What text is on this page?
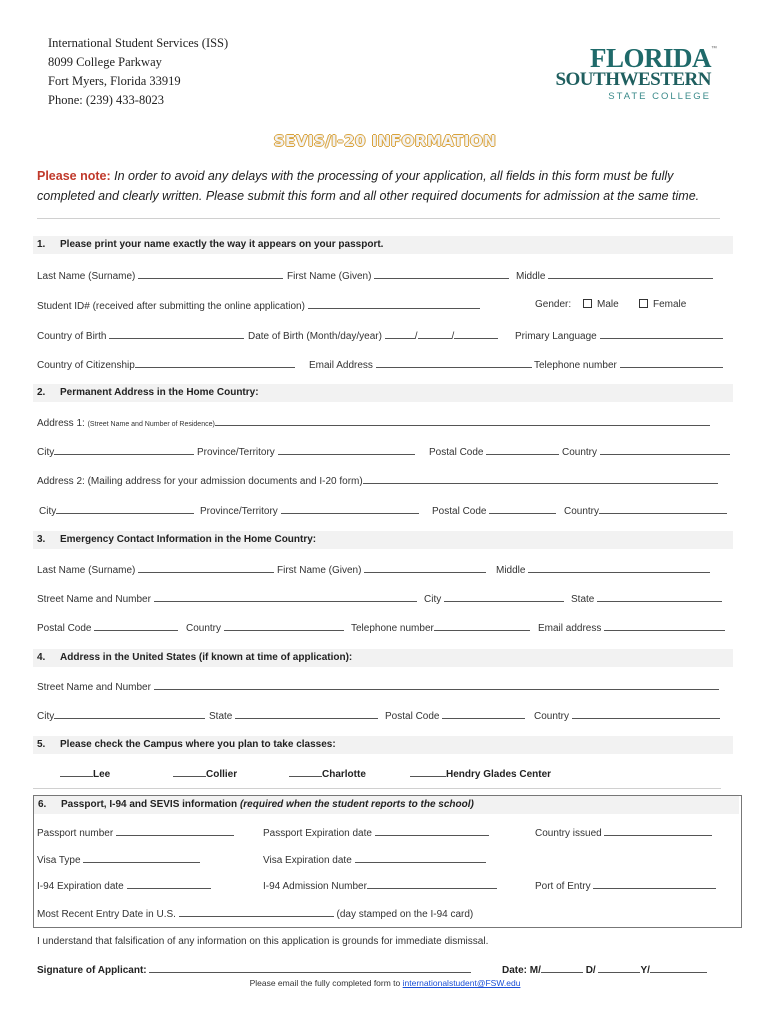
International Student Services (ISS)
8099 College Parkway
Fort Myers, Florida 33919
Phone: (239) 433-8023
FLORIDA ™
SOUTHWESTERN
STATE COLLEGE
SEVIS/I-20 INFORMATION
Please note: In order to avoid any delays with the processing of your application, all fields in this form must be fully completed and clearly written. Please submit this form and all other required documents for admission at the same time.
1. Please print your name exactly the way it appears on your passport.
Last Name (Surname)	First Name (Given)	Middle
Student ID# (received after submitting the online application)	Gender:	Male	Female
Country of Birth	Date of Birth (Month/day/year)	/	/	Primary Language
Country of Citizenship	Email Address	Telephone number
2. Permanent Address in the Home Country:
Address 1: (Street Name and Number of Residence)
City	Province/Territory	Postal Code	Country
Address 2: (Mailing address for your admission documents and I-20 form)
City	Province/Territory	Postal Code	Country
3. Emergency Contact Information in the Home Country:
Last Name (Surname)	First Name (Given)	Middle
Street Name and Number	City	State
Postal Code	Country	Telephone number	Email address
4. Address in the United States (if known at time of application):
Street Name and Number
City	State	Postal Code	Country
5. Please check the Campus where you plan to take classes:
Lee	Collier	Charlotte	Hendry Glades Center
6. Passport, I-94 and SEVIS information (required when the student reports to the school)
Passport number	Passport Expiration date	Country issued
Visa Type	Visa Expiration date
I-94 Expiration date	I-94 Admission Number	Port of Entry
Most Recent Entry Date in U.S.	(day stamped on the I-94 card)
I understand that falsification of any information on this application is grounds for immediate dismissal.
Signature of Applicant:	Date: M/	D/	Y/
Please email the fully completed form to internationalstudent@FSW.edu
